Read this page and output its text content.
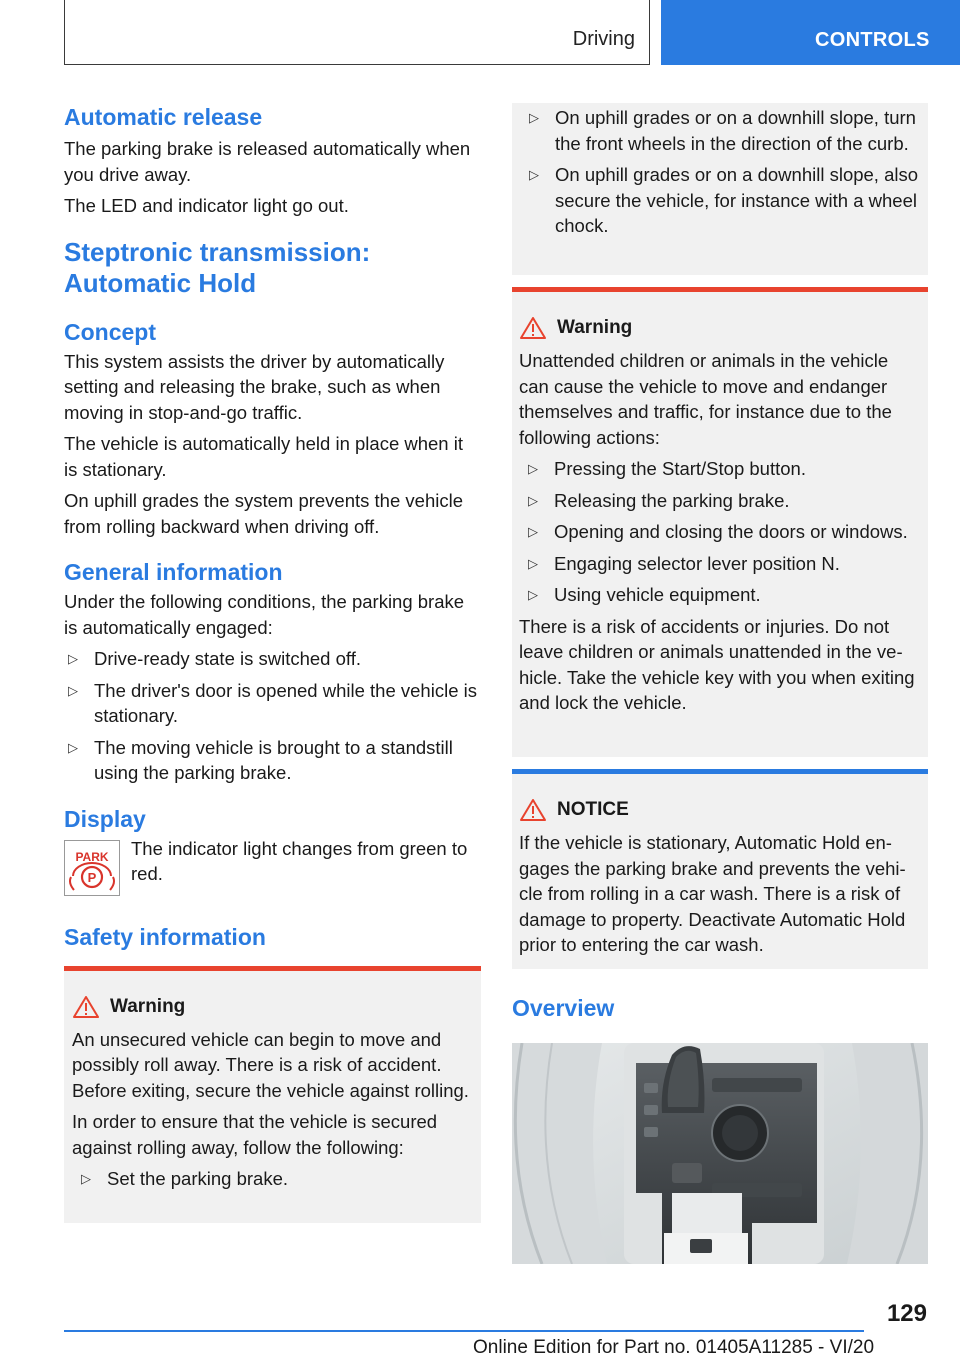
Driving	CONTROLS
Automatic release

The parking brake is released automatically when you drive away.

The LED and indicator light go out.

Steptronic transmission:
Automatic Hold
Concept

This system assists the driver by automatically setting and releasing the brake, such as when moving in stop-and-go traffic.

The vehicle is automatically held in place when it is stationary.

On uphill grades the system prevents the vehicle from rolling backward when driving off.

General information

Under the following conditions, the parking brake is automatically engaged:

▷ Drive-ready state is switched off.
▷ The driver's door is opened while the vehicle is stationary.
▷ The moving vehicle is brought to a standstill using the parking brake.
Display
PARK
P

The indicator light changes from green to red.

Safety information
Warning

An unsecured vehicle can begin to move and possibly roll away. There is a risk of accident. Before exiting, secure the vehicle against rolling.

In order to ensure that the vehicle is secured against rolling away, follow the following:

▷ Set the parking brake.
▷ On uphill grades or on a downhill slope, turn the front wheels in the direction of the curb.
▷ On uphill grades or on a downhill slope, also secure the vehicle, for instance with a wheel chock.
Warning

Unattended children or animals in the vehicle can cause the vehicle to move and endanger themselves and traffic, for instance due to the following actions:

▷ Pressing the Start/Stop button.
▷ Releasing the parking brake.
▷ Opening and closing the doors or windows.
▷ Engaging selector lever position N.
▷ Using vehicle equipment.

There is a risk of accidents or injuries. Do not leave children or animals unattended in the vehicle. Take the vehicle key with you when exiting and lock the vehicle.

NOTICE

If the vehicle is stationary, Automatic Hold engages the parking brake and prevents the vehicle from rolling in a car wash. There is a risk of damage to property. Deactivate Automatic Hold prior to entering the car wash.

Overview
129
Online Edition for Part no. 01405A11285 - VI/20
